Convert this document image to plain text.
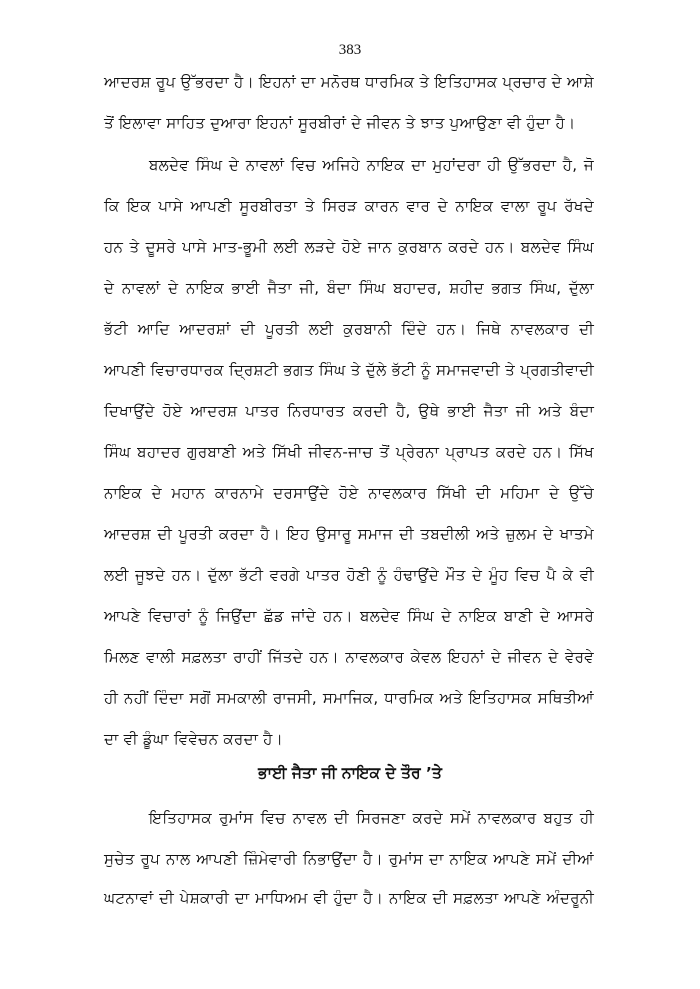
383
ਆਦਰਸ਼ ਰੂਪ ਉੱਭਰਦਾ ਹੈ। ਇਹਨਾਂ ਦਾ ਮਨੋਰਥ ਧਾਰਮਿਕ ਤੇ ਇਤਿਹਾਸਕ ਪ੍ਰਚਾਰ ਦੇ ਆਸ਼ੇ
ਤੋਂ ਇਲਾਵਾ ਸਾਹਿਤ ਦੁਆਰਾ ਇਹਨਾਂ ਸੂਰਬੀਰਾਂ ਦੇ ਜੀਵਨ ਤੇ ਝਾਤ ਪੁਆਉਣਾ ਵੀ ਹੁੰਦਾ ਹੈ।
ਬਲਦੇਵ ਸਿੰਘ ਦੇ ਨਾਵਲਾਂ ਵਿਚ ਅਜਿਹੇ ਨਾਇਕ ਦਾ ਮੁਹਾਂਦਰਾ ਹੀ ਉੱਭਰਦਾ ਹੈ, ਜੋ
ਕਿ ਇਕ ਪਾਸੇ ਆਪਣੀ ਸੂਰਬੀਰਤਾ ਤੇ ਸਿਰੜ ਕਾਰਨ ਵਾਰ ਦੇ ਨਾਇਕ ਵਾਲਾ ਰੂਪ ਰੱਖਦੇ
ਹਨ ਤੇ ਦੂਸਰੇ ਪਾਸੇ ਮਾਤ-ਭੂਮੀ ਲਈ ਲੜਦੇ ਹੋਏ ਜਾਨ ਕੁਰਬਾਨ ਕਰਦੇ ਹਨ। ਬਲਦੇਵ ਸਿੰਘ
ਦੇ ਨਾਵਲਾਂ ਦੇ ਨਾਇਕ ਭਾਈ ਜੈਤਾ ਜੀ, ਬੰਦਾ ਸਿੰਘ ਬਹਾਦਰ, ਸ਼ਹੀਦ ਭਗਤ ਸਿੰਘ, ਦੁੱਲਾ
ਭੱਟੀ ਆਦਿ ਆਦਰਸ਼ਾਂ ਦੀ ਪੂਰਤੀ ਲਈ ਕੁਰਬਾਨੀ ਦਿੰਦੇ ਹਨ। ਜਿਥੇ ਨਾਵਲਕਾਰ ਦੀ
ਆਪਣੀ ਵਿਚਾਰਧਾਰਕ ਦ੍ਰਿਸ਼ਟੀ ਭਗਤ ਸਿੰਘ ਤੇ ਦੁੱਲੇ ਭੱਟੀ ਨੂੰ ਸਮਾਜਵਾਦੀ ਤੇ ਪ੍ਰਗਤੀਵਾਦੀ
ਦਿਖਾਉਂਦੇ ਹੋਏ ਆਦਰਸ਼ ਪਾਤਰ ਨਿਰਧਾਰਤ ਕਰਦੀ ਹੈ, ਉਥੇ ਭਾਈ ਜੈਤਾ ਜੀ ਅਤੇ ਬੰਦਾ
ਸਿੰਘ ਬਹਾਦਰ ਗੁਰਬਾਣੀ ਅਤੇ ਸਿੱਖੀ ਜੀਵਨ-ਜਾਚ ਤੋਂ ਪ੍ਰੇਰਨਾ ਪ੍ਰਾਪਤ ਕਰਦੇ ਹਨ। ਸਿੱਖ
ਨਾਇਕ ਦੇ ਮਹਾਨ ਕਾਰਨਾਮੇ ਦਰਸਾਉਂਦੇ ਹੋਏ ਨਾਵਲਕਾਰ ਸਿੱਖੀ ਦੀ ਮਹਿਮਾ ਦੇ ਉੱਚੇ
ਆਦਰਸ਼ ਦੀ ਪੂਰਤੀ ਕਰਦਾ ਹੈ। ਇਹ ਉਸਾਰੂ ਸਮਾਜ ਦੀ ਤਬਦੀਲੀ ਅਤੇ ਜ਼ੁਲਮ ਦੇ ਖਾਤਮੇ
ਲਈ ਜੂਝਦੇ ਹਨ। ਦੁੱਲਾ ਭੱਟੀ ਵਰਗੇ ਪਾਤਰ ਹੋਣੀ ਨੂੰ ਹੰਢਾਉਂਦੇ ਮੌਤ ਦੇ ਮੂੰਹ ਵਿਚ ਪੈ ਕੇ ਵੀ
ਆਪਣੇ ਵਿਚਾਰਾਂ ਨੂੰ ਜਿਉਂਦਾ ਛੱਡ ਜਾਂਦੇ ਹਨ। ਬਲਦੇਵ ਸਿੰਘ ਦੇ ਨਾਇਕ ਬਾਣੀ ਦੇ ਆਸਰੇ
ਮਿਲਣ ਵਾਲੀ ਸਫ਼ਲਤਾ ਰਾਹੀਂ ਜਿੱਤਦੇ ਹਨ। ਨਾਵਲਕਾਰ ਕੇਵਲ ਇਹਨਾਂ ਦੇ ਜੀਵਨ ਦੇ ਵੇਰਵੇ
ਹੀ ਨਹੀਂ ਦਿੰਦਾ ਸਗੋਂ ਸਮਕਾਲੀ ਰਾਜਸੀ, ਸਮਾਜਿਕ, ਧਾਰਮਿਕ ਅਤੇ ਇਤਿਹਾਸਕ ਸਥਿਤੀਆਂ
ਦਾ ਵੀ ਡੂੰਘਾ ਵਿਵੇਚਨ ਕਰਦਾ ਹੈ।
ਭਾਈ ਜੈਤਾ ਜੀ ਨਾਇਕ ਦੇ ਤੌਰ ’ਤੇ
ਇਤਿਹਾਸਕ ਰੁਮਾਂਸ ਵਿਚ ਨਾਵਲ ਦੀ ਸਿਰਜਣਾ ਕਰਦੇ ਸਮੇਂ ਨਾਵਲਕਾਰ ਬਹੁਤ ਹੀ
ਸੁਚੇਤ ਰੂਪ ਨਾਲ ਆਪਣੀ ਜ਼ਿੰਮੇਵਾਰੀ ਨਿਭਾਉਂਦਾ ਹੈ। ਰੁਮਾਂਸ ਦਾ ਨਾਇਕ ਆਪਣੇ ਸਮੇਂ ਦੀਆਂ
ਘਟਨਾਵਾਂ ਦੀ ਪੇਸ਼ਕਾਰੀ ਦਾ ਮਾਧਿਅਮ ਵੀ ਹੁੰਦਾ ਹੈ। ਨਾਇਕ ਦੀ ਸਫ਼ਲਤਾ ਆਪਣੇ ਅੰਦਰੂਨੀ
